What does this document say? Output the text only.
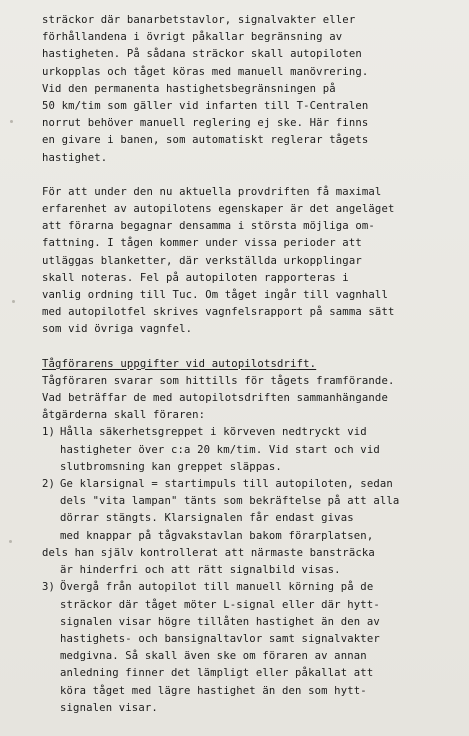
sträckor där banarbetstavlor, signalvakter eller
förhållandena i övrigt påkallar begränsning av
hastigheten. På sådana sträckor skall autopiloten
urkopplas och tåget köras med manuell manövrering.
Vid den permanenta hastighetsbegränsningen på
50 km/tim som gäller vid infarten till T-Centralen
norrut behöver manuell reglering ej ske. Här finns
en givare i banen, som automatiskt reglerar tågets
hastighet.
För att under den nu aktuella provdriften få maximal
erfarenhet av autopilotens egenskaper är det angeläget
att förarna begagnar densamma i största möjliga om-
fattning. I tågen kommer under vissa perioder att
utläggas blanketter, där verkställda urkopplingar
skall noteras. Fel på autopiloten rapporteras i
vanlig ordning till Tuc. Om tåget ingår till vagnhall
med autopilotfel skrives vagnfelsrapport på samma sätt
som vid övriga vagnfel.
Tågförarens uppgifter vid autopilotsdrift.
Tågföraren svarar som hittills för tågets framförande.
Vad beträffar de med autopilotsdriften sammanhängande
åtgärderna skall föraren:
1) Hålla säkerhetsgreppet i körveven nedtryckt vid
hastigheter över c:a 20 km/tim. Vid start och vid
slutbromsning kan greppet släppas.
2) Ge klarsignal = startimpuls till autopiloten, sedan
dels "vita lampan" tänts som bekräftelse på att alla
dörrar stängts. Klarsignalen får endast givas
med knappar på tågvakstavlan bakom förarplatsen,
dels han själv kontrollerat att närmaste bansträcka
är hinderfri och att rätt signalbild visas.
3) Övergå från autopilot till manuell körning på de
sträckor där tåget möter L-signal eller där hytt-
signalen visar högre tillåten hastighet än den av
hastighets- och bansignaltavlor samt signalvakter
medgivna. Så skall även ske om föraren av annan
anledning finner det lämpligt eller påkallat att
köra tåget med lägre hastighet än den som hytt-
signalen visar.
